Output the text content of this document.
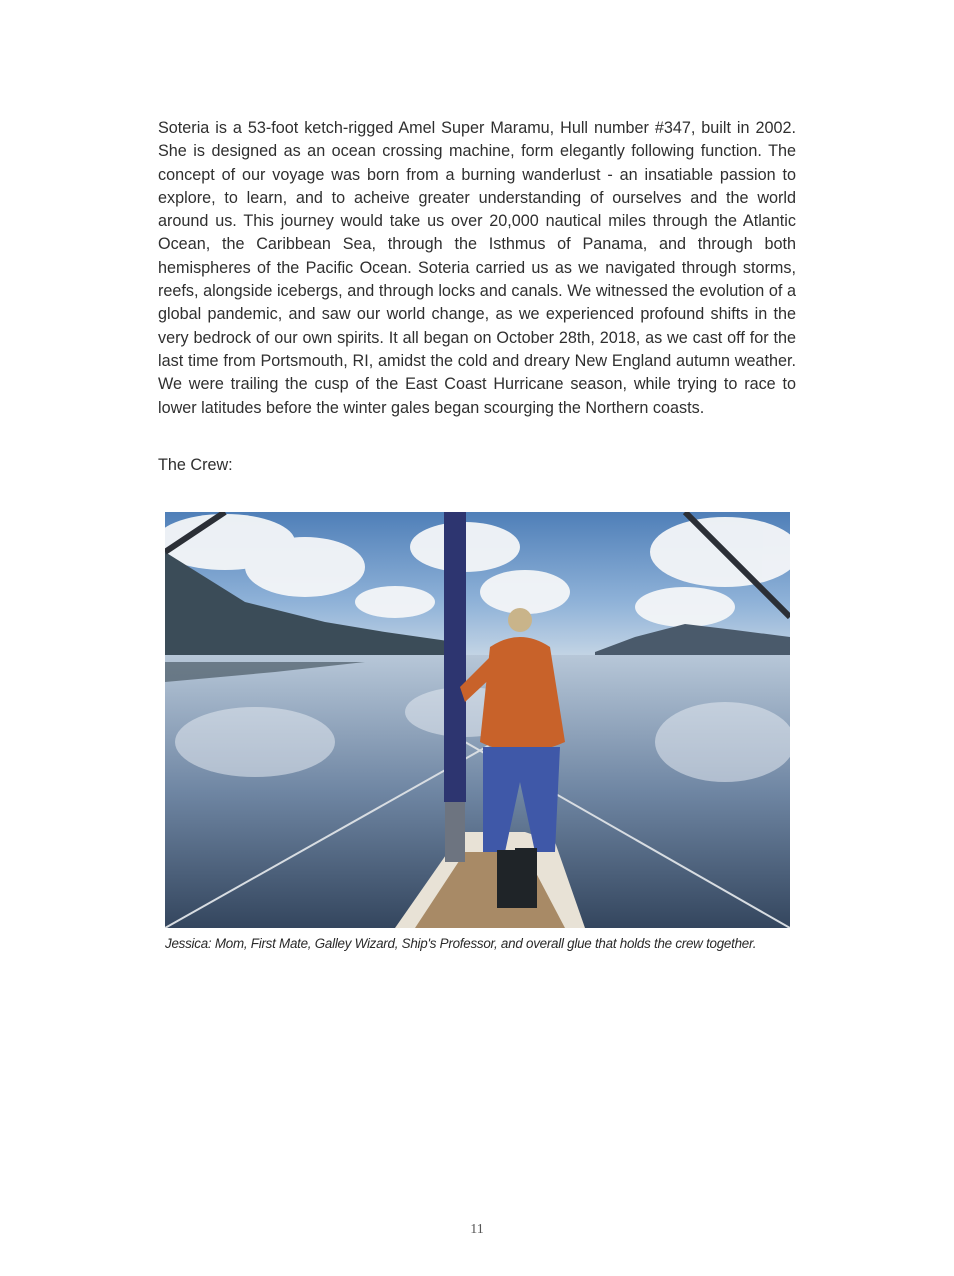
Soteria is a 53-foot ketch-rigged Amel Super Maramu, Hull number #347, built in 2002. She is designed as an ocean crossing machine, form elegantly following function. The concept of our voyage was born from a burning wanderlust - an insatiable passion to explore, to learn, and to acheive greater understanding of ourselves and the world around us. This journey would take us over 20,000 nautical miles through the Atlantic Ocean, the Caribbean Sea, through the Isthmus of Panama, and through both hemispheres of the Pacific Ocean. Soteria carried us as we navigated through storms, reefs, alongside icebergs, and through locks and canals. We witnessed the evolution of a global pandemic, and saw our world change, as we experienced profound shifts in the very bedrock of our own spirits. It all began on October 28th, 2018, as we cast off for the last time from Portsmouth, RI, amidst the cold and dreary New England autumn weather. We were trailing the cusp of the East Coast Hurricane season, while trying to race to lower latitudes before the winter gales began scourging the Northern coasts.

The Crew:

Jessica: Mom, First Mate, Galley Wizard, Ship's Professor, and overall glue that holds the crew together.

11
